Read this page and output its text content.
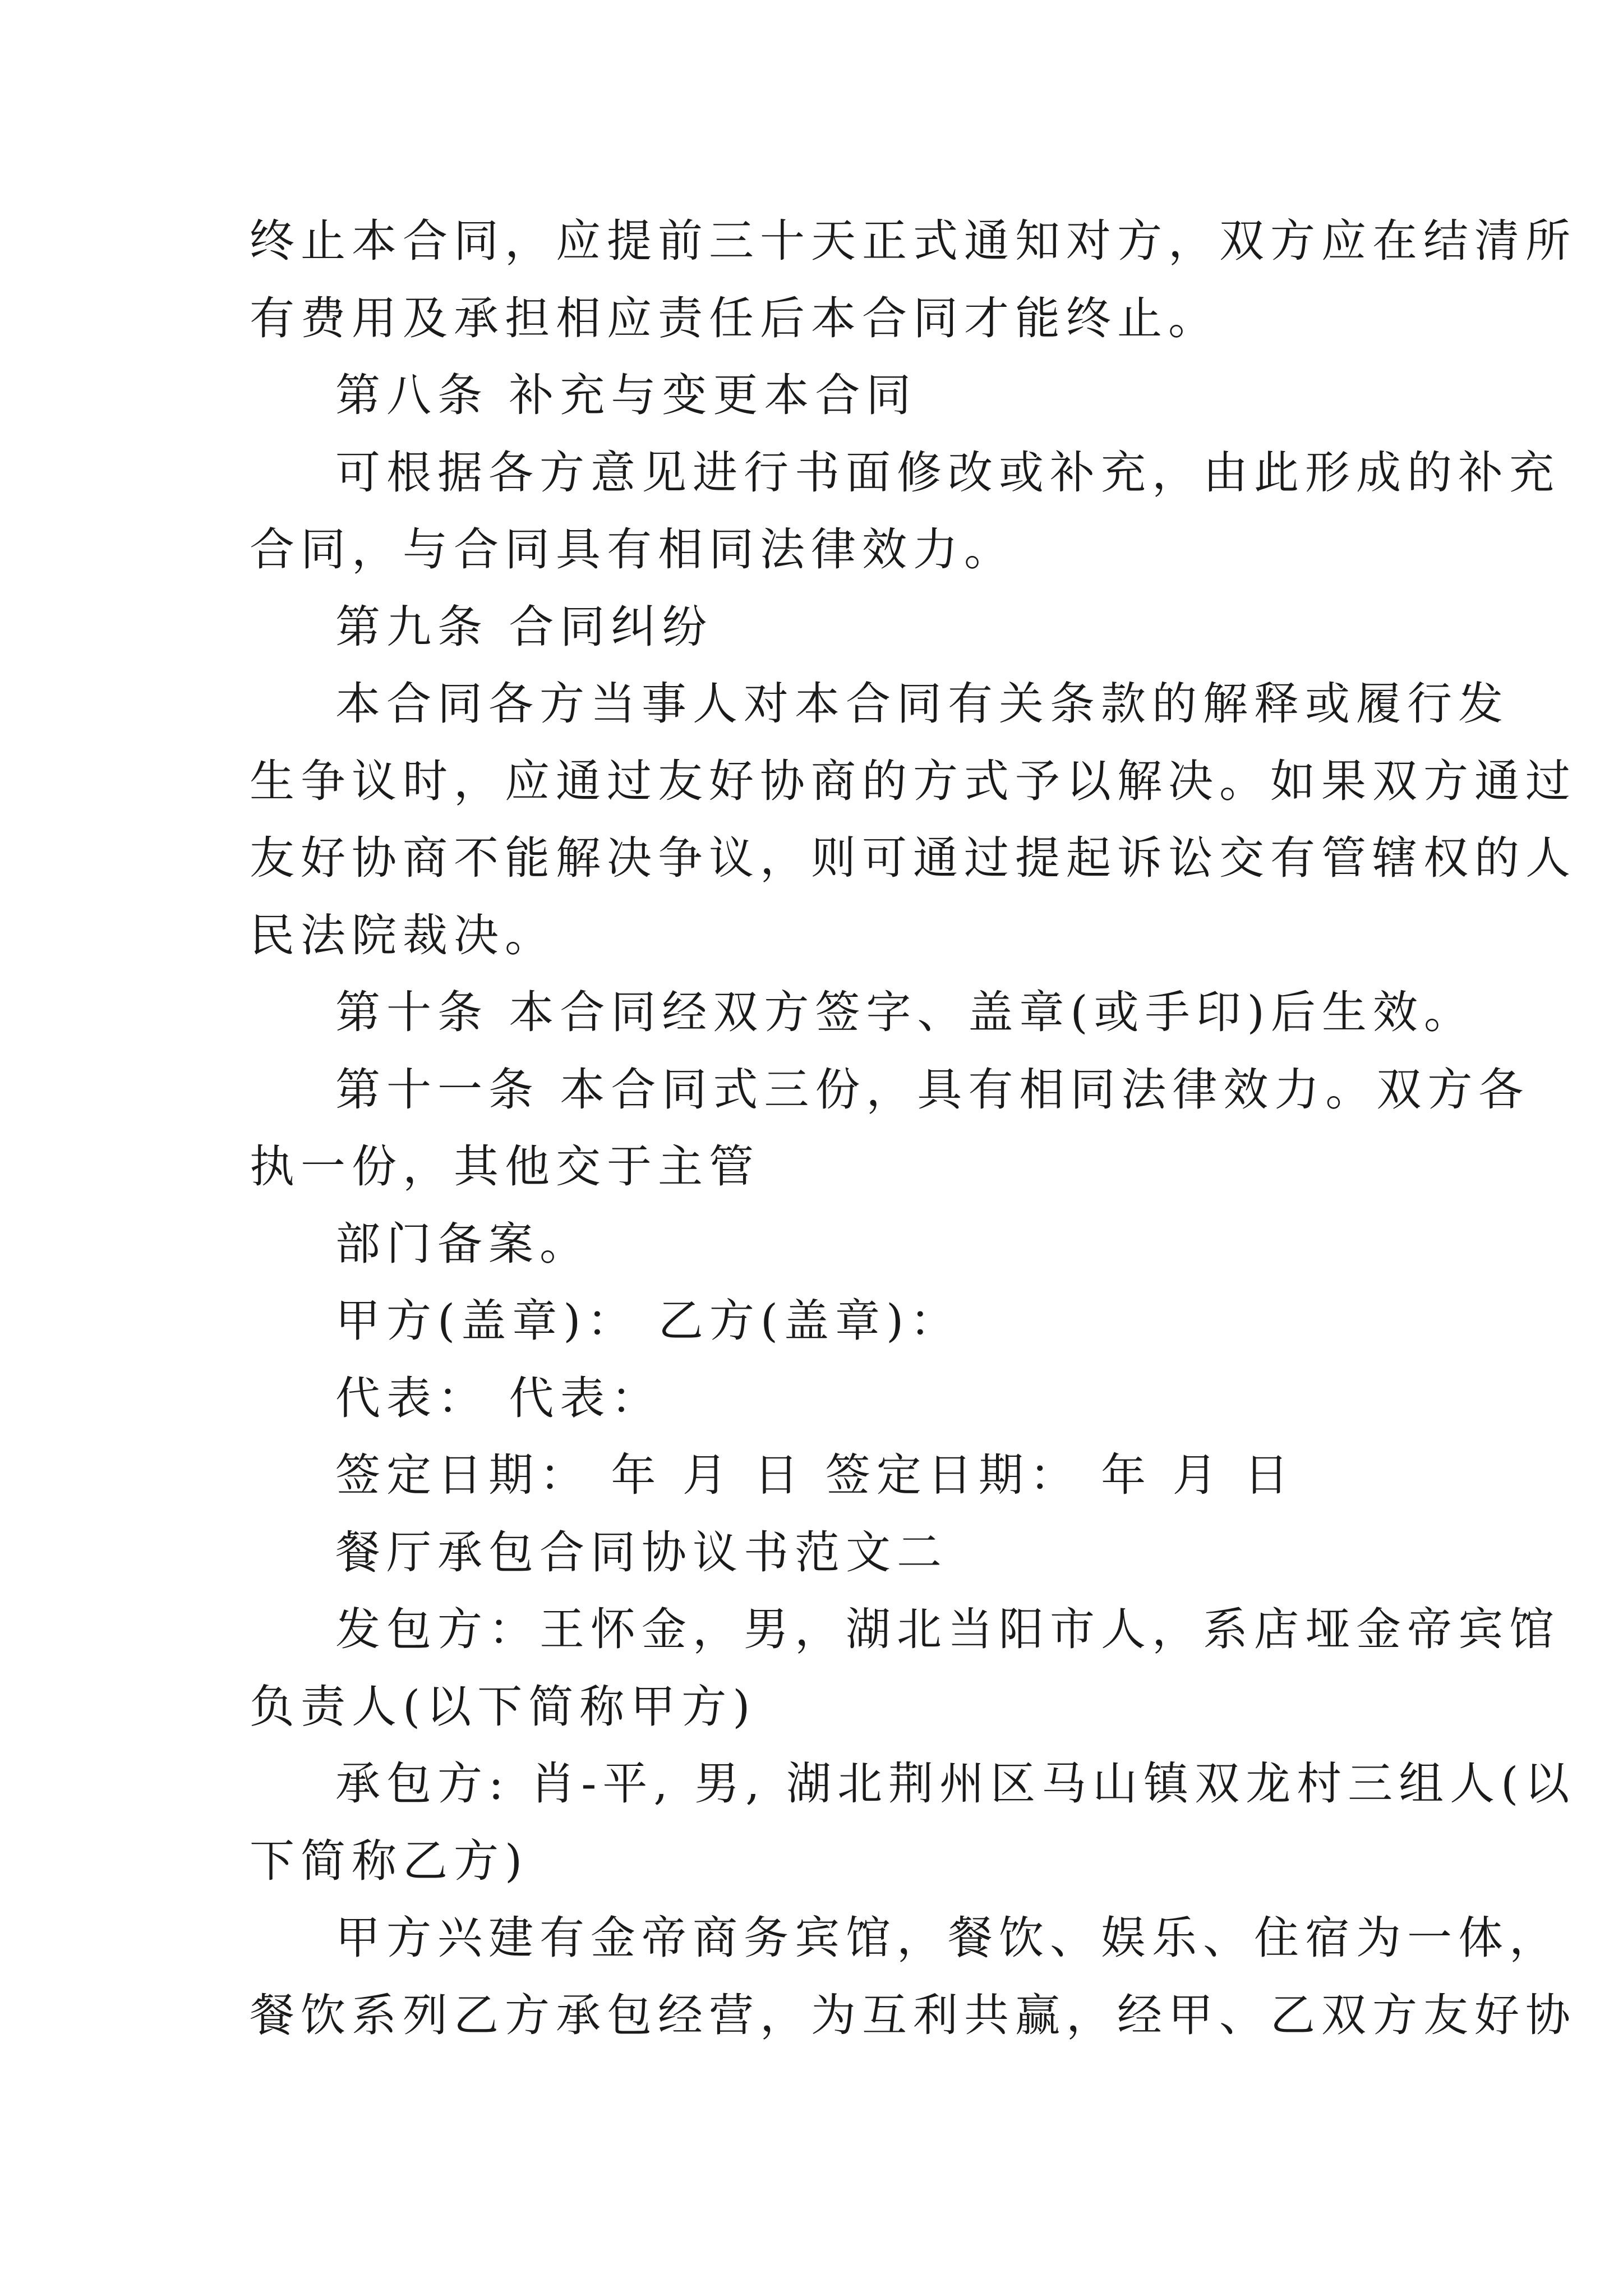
终止本合同，应提前三十天正式通知对方，双方应在结清所

有费用及承担相应责任后本合同才能终止。

第八条 补充与变更本合同

可根据各方意见进行书面修改或补充，由此形成的补充

合同，与合同具有相同法律效力。

第九条 合同纠纷

本合同各方当事人对本合同有关条款的解释或履行发

生争议时，应通过友好协商的方式予以解决。如果双方通过

友好协商不能解决争议，则可通过提起诉讼交有管辖权的人

民法院裁决。

第十条 本合同经双方签字、盖章(或手印)后生效。

第十一条 本合同式三份，具有相同法律效力。双方各

执一份，其他交于主管

部门备案。

甲方(盖章)： 乙方(盖章)：

代表： 代表：

签定日期： 年 月 日 签定日期： 年 月 日

餐厅承包合同协议书范文二

发包方：王怀金，男，湖北当阳市人，系店垭金帝宾馆

负责人(以下简称甲方)

承包方: 肖-平, 男, 湖北荆州区马山镇双龙村三组人(以

下简称乙方)

甲方兴建有金帝商务宾馆，餐饮、娱乐、住宿为一体，

餐饮系列乙方承包经营，为互利共赢，经甲、乙双方友好协
